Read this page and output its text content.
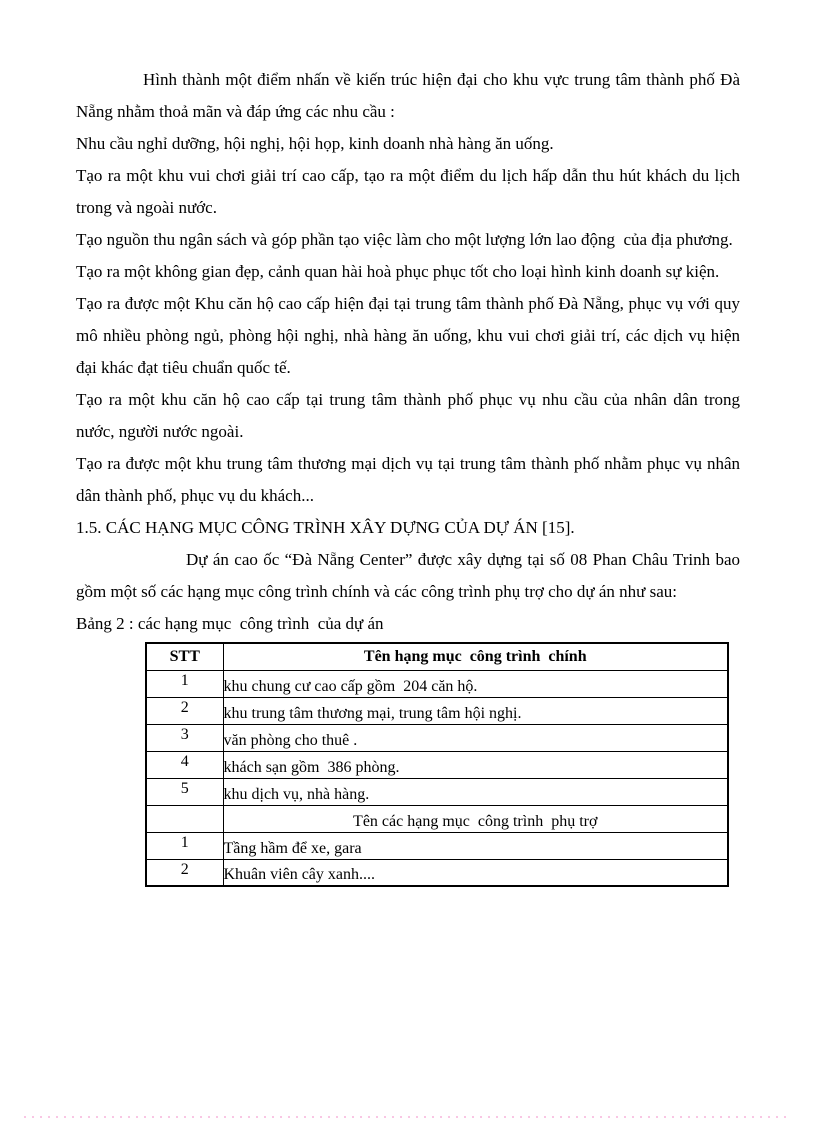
Hình thành một điểm nhấn về kiến trúc hiện đại cho khu vực trung tâm thành phố Đà Nẵng nhằm thoả mãn và đáp ứng các nhu cầu :

Nhu cầu nghỉ dưỡng, hội nghị, hội họp, kinh doanh nhà hàng ăn uống.

Tạo ra một khu vui chơi giải trí cao cấp, tạo ra một điểm du lịch hấp dẫn thu hút khách du lịch trong và ngoài nước.

Tạo nguồn thu ngân sách và góp phần tạo việc làm cho một lượng lớn lao động  của địa phương.

Tạo ra một không gian đẹp, cảnh quan hài hoà phục phục tốt cho loại hình kinh doanh sự kiện.

Tạo ra được một Khu căn hộ cao cấp hiện đại tại trung tâm thành phố Đà Nẵng, phục vụ với quy mô nhiều phòng ngủ, phòng hội nghị, nhà hàng ăn uống, khu vui chơi giải trí, các dịch vụ hiện đại khác đạt tiêu chuẩn quốc tế.

Tạo ra một khu căn hộ cao cấp tại trung tâm thành phố phục vụ nhu cầu của nhân dân trong nước, người nước ngoài.

Tạo ra được một khu trung tâm thương mại dịch vụ tại trung tâm thành phố nhằm phục vụ nhân dân thành phố, phục vụ du khách...

1.5. CÁC HẠNG MỤC CÔNG TRÌNH XÂY DỰNG CỦA DỰ ÁN [15].

Dự án cao ốc “Đà Nẵng Center” được xây dựng tại số 08 Phan Châu Trinh bao gồm một số các hạng mục công trình chính và các công trình phụ trợ cho dự án như sau:

Bảng 2 : các hạng mục  công trình  của dự án

STT	Tên hạng mục  công trình  chính
1	khu chung cư cao cấp gồm  204 căn hộ.
2	khu trung tâm thương mại, trung tâm hội nghị.
3	văn phòng cho thuê .
4	khách sạn gồm  386 phòng.
5	khu dịch vụ, nhà hàng.
	Tên các hạng mục  công trình  phụ trợ
1	Tầng hầm để xe, gara
2	Khuân viên cây xanh....
